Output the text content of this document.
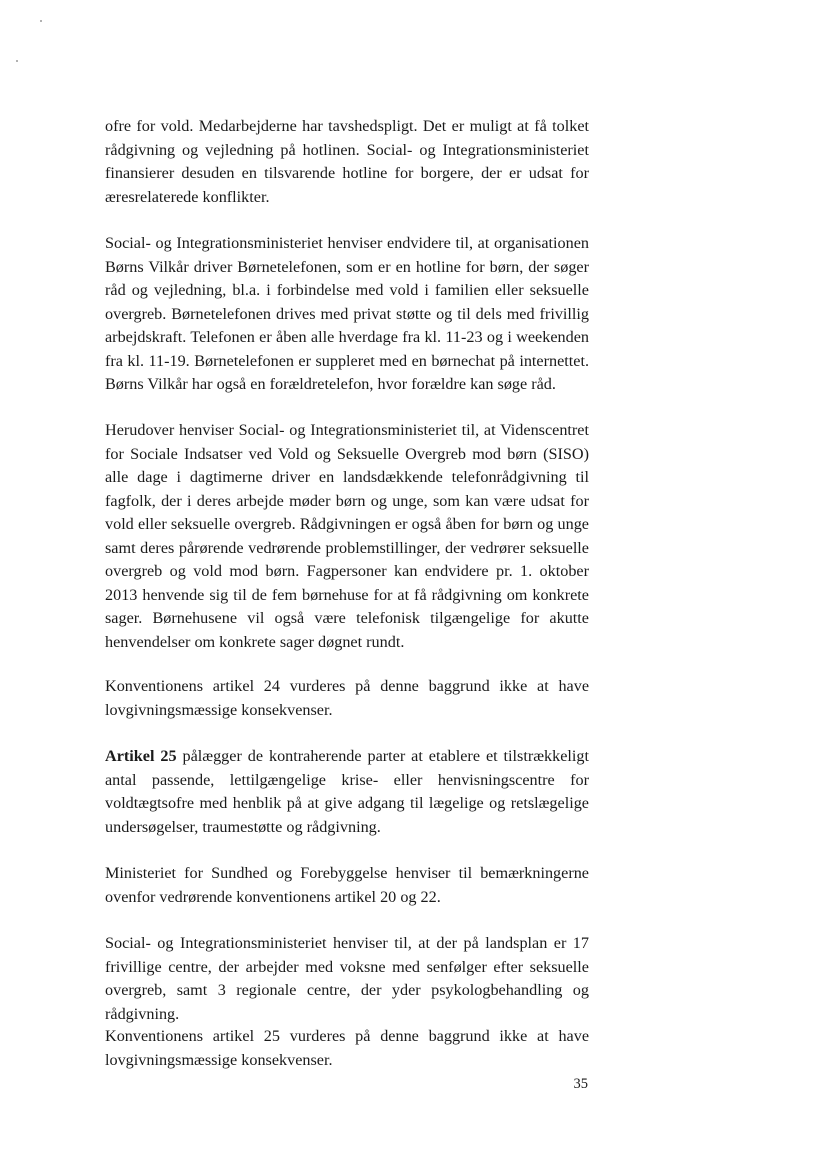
ofre for vold. Medarbejderne har tavshedspligt. Det er muligt at få tolket rådgivning og vejledning på hotlinen. Social- og Integrationsministeriet finansierer desuden en tilsvarende hotline for borgere, der er udsat for æresrelaterede konflikter.

Social- og Integrationsministeriet henviser endvidere til, at organisationen Børns Vilkår driver Børnetelefonen, som er en hotline for børn, der søger råd og vejledning, bl.a. i forbindelse med vold i familien eller seksuelle overgreb. Børnetelefonen drives med privat støtte og til dels med frivillig arbejdskraft. Telefonen er åben alle hverdage fra kl. 11-23 og i weekenden fra kl. 11-19. Børnetelefonen er suppleret med en børnechat på internettet. Børns Vilkår har også en forældretelefon, hvor forældre kan søge råd.

Herudover henviser Social- og Integrationsministeriet til, at Videnscentret for Sociale Indsatser ved Vold og Seksuelle Overgreb mod børn (SISO) alle dage i dagtimerne driver en landsdækkende telefonrådgivning til fagfolk, der i deres arbejde møder børn og unge, som kan være udsat for vold eller seksuelle overgreb. Rådgivningen er også åben for børn og unge samt deres pårørende vedrørende problemstillinger, der vedrører seksuelle overgreb og vold mod børn. Fagpersoner kan endvidere pr. 1. oktober 2013 henvende sig til de fem børnehuse for at få rådgivning om konkrete sager. Børnehusene vil også være telefonisk tilgængelige for akutte henvendelser om konkrete sager døgnet rundt.

Konventionens artikel 24 vurderes på denne baggrund ikke at have lovgivningsmæssige konsekvenser.

Artikel 25 pålægger de kontraherende parter at etablere et tilstrækkeligt antal passende, lettilgængelige krise- eller henvisningscentre for voldtægtsofre med henblik på at give adgang til lægelige og retslægelige undersøgelser, traumestøtte og rådgivning.

Ministeriet for Sundhed og Forebyggelse henviser til bemærkningerne ovenfor vedrørende konventionens artikel 20 og 22.

Social- og Integrationsministeriet henviser til, at der på landsplan er 17 frivillige centre, der arbejder med voksne med senfølger efter seksuelle overgreb, samt 3 regionale centre, der yder psykologbehandling og rådgivning.

Konventionens artikel 25 vurderes på denne baggrund ikke at have lovgivningsmæssige konsekvenser.

35
